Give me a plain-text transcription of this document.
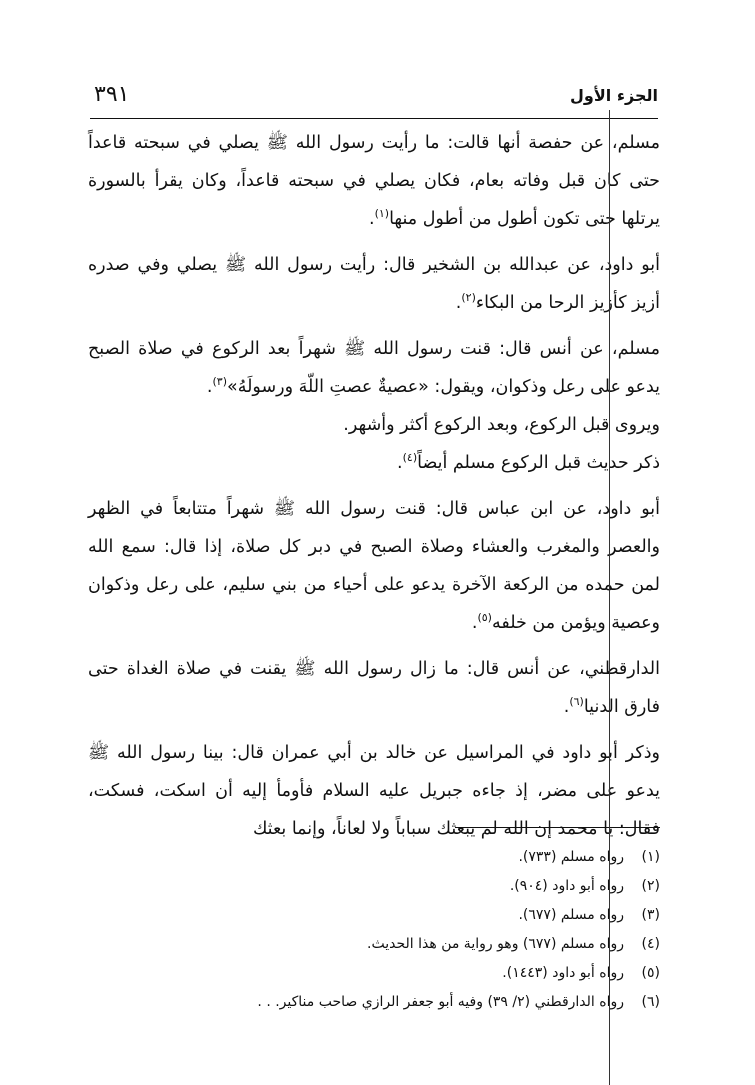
٣٩١	الجزء الأول

مسلم، عن حفصة أنها قالت: ما رأيت رسول الله ﷺ يصلي في سبحته قاعداً حتى كان قبل وفاته بعام، فكان يصلي في سبحته قاعداً، وكان يقرأ بالسورة يرتلها حتى تكون أطول من أطول منها$^{(١)}$.

أبو داود، عن عبدالله بن الشخير قال: رأيت رسول الله ﷺ يصلي وفي صدره أزيز كأزيز الرحا من البكاء$^{(٢)}$.

مسلم، عن أنس قال: قنت رسول الله ﷺ شهراً بعد الركوع في صلاة الصبح يدعو على رعل وذكوان، ويقول: «عصيةٌ عصتِ اللّهَ ورسولَهُ»$^{(٣)}$.

ويروى قبل الركوع، وبعد الركوع أكثر وأشهر.

ذكر حديث قبل الركوع مسلم أيضاً$^{(٤)}$.

أبو داود، عن ابن عباس قال: قنت رسول الله ﷺ شهراً متتابعاً في الظهر والعصر والمغرب والعشاء وصلاة الصبح في دبر كل صلاة، إذا قال: سمع الله لمن حمده من الركعة الآخرة يدعو على أحياء من بني سليم، على رعل وذكوان وعصية ويؤمن من خلفه$^{(٥)}$.

الدارقطني، عن أنس قال: ما زال رسول الله ﷺ يقنت في صلاة الغداة حتى فارق الدنيا$^{(٦)}$.

وذكر أبو داود في المراسيل عن خالد بن أبي عمران قال: بينا رسول الله ﷺ يدعو على مضر، إذ جاءه جبريل عليه السلام فأومأ إليه أن اسكت، فسكت، فقال: يا محمد إن الله لم يبعثك سباباً ولا لعاناً، وإنما بعثك

(١)
رواه مسلم (٧٣٣).
(٢)
رواه أبو داود (٩٠٤).
(٣)
رواه مسلم (٦٧٧).
(٤)
رواه مسلم (٦٧٧) وهو رواية من هذا الحديث.
(٥)
رواه أبو داود (١٤٤٣).
(٦)
رواه الدارقطني (٢/ ٣٩) وفيه أبو جعفر الرازي صاحب مناكير. . .
